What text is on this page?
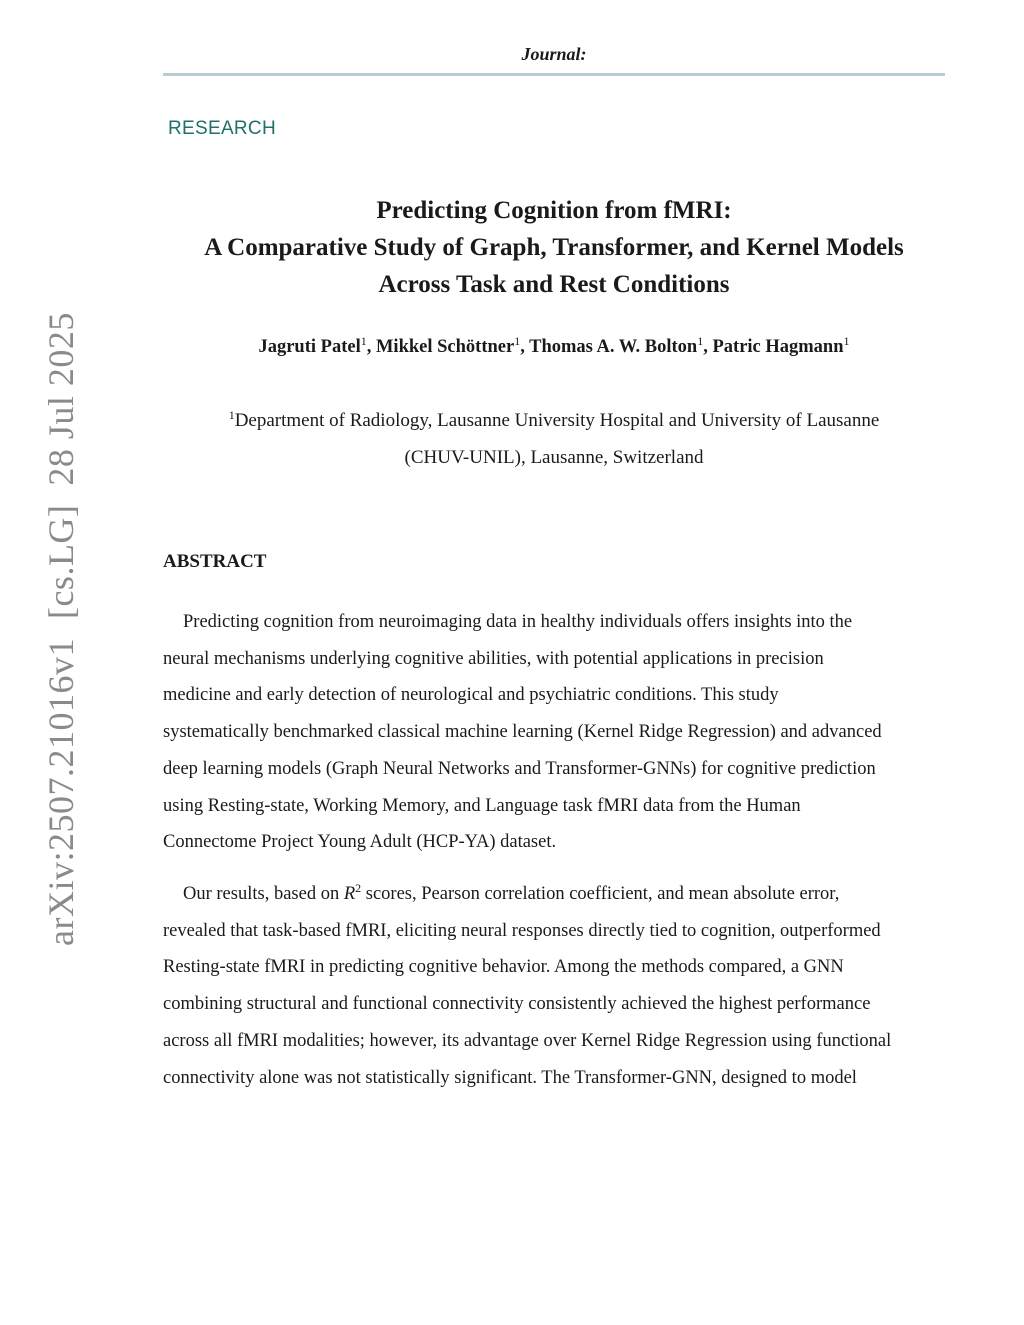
Journal:
RESEARCH
Predicting Cognition from fMRI:
A Comparative Study of Graph, Transformer, and Kernel Models
Across Task and Rest Conditions
Jagruti Patel$^1$, Mikkel Schöttner$^1$, Thomas A. W. Bolton$^1$, Patric Hagmann$^1$
$^1$Department of Radiology, Lausanne University Hospital and University of Lausanne
(CHUV-UNIL), Lausanne, Switzerland
ABSTRACT
Predicting cognition from neuroimaging data in healthy individuals offers insights into the
neural mechanisms underlying cognitive abilities, with potential applications in precision
medicine and early detection of neurological and psychiatric conditions. This study
systematically benchmarked classical machine learning (Kernel Ridge Regression) and advanced
deep learning models (Graph Neural Networks and Transformer-GNNs) for cognitive prediction
using Resting-state, Working Memory, and Language task fMRI data from the Human
Connectome Project Young Adult (HCP-YA) dataset.
Our results, based on $R^2$ scores, Pearson correlation coefficient, and mean absolute error,
revealed that task-based fMRI, eliciting neural responses directly tied to cognition, outperformed
Resting-state fMRI in predicting cognitive behavior. Among the methods compared, a GNN
combining structural and functional connectivity consistently achieved the highest performance
across all fMRI modalities; however, its advantage over Kernel Ridge Regression using functional
connectivity alone was not statistically significant. The Transformer-GNN, designed to model
arXiv:2507.21016v1  [cs.LG]  28 Jul 2025
